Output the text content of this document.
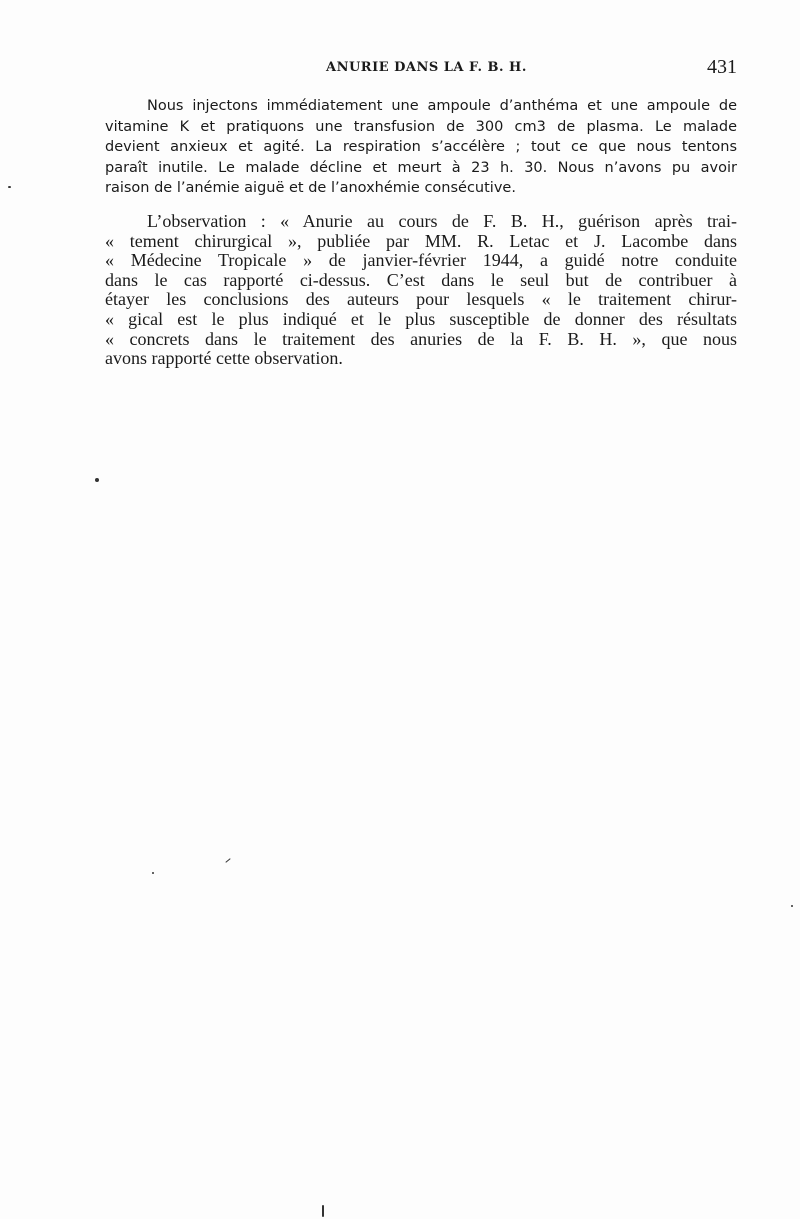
ANURIE DANS LA F. B. H.	431

Nous injectons immédiatement une ampoule d’anthéma et une ampoule de
vitamine K et pratiquons une transfusion de 300 cm3 de plasma. Le malade
devient anxieux et agité. La respiration s’accélère ; tout ce que nous tentons
paraît inutile. Le malade décline et meurt à 23 h. 30. Nous n’avons pu avoir
raison de l’anémie aiguë et de l’anoxhémie consécutive.

L’observation : « Anurie au cours de F. B. H., guérison après trai-
« tement chirurgical », publiée par MM. R. Letac et J. Lacombe dans
« Médecine Tropicale » de janvier-février 1944, a guidé notre conduite
dans le cas rapporté ci-dessus. C’est dans le seul but de contribuer à
étayer les conclusions des auteurs pour lesquels « le traitement chirur-
« gical est le plus indiqué et le plus susceptible de donner des résultats
« concrets dans le traitement des anuries de la F. B. H. », que nous
avons rapporté cette observation.
